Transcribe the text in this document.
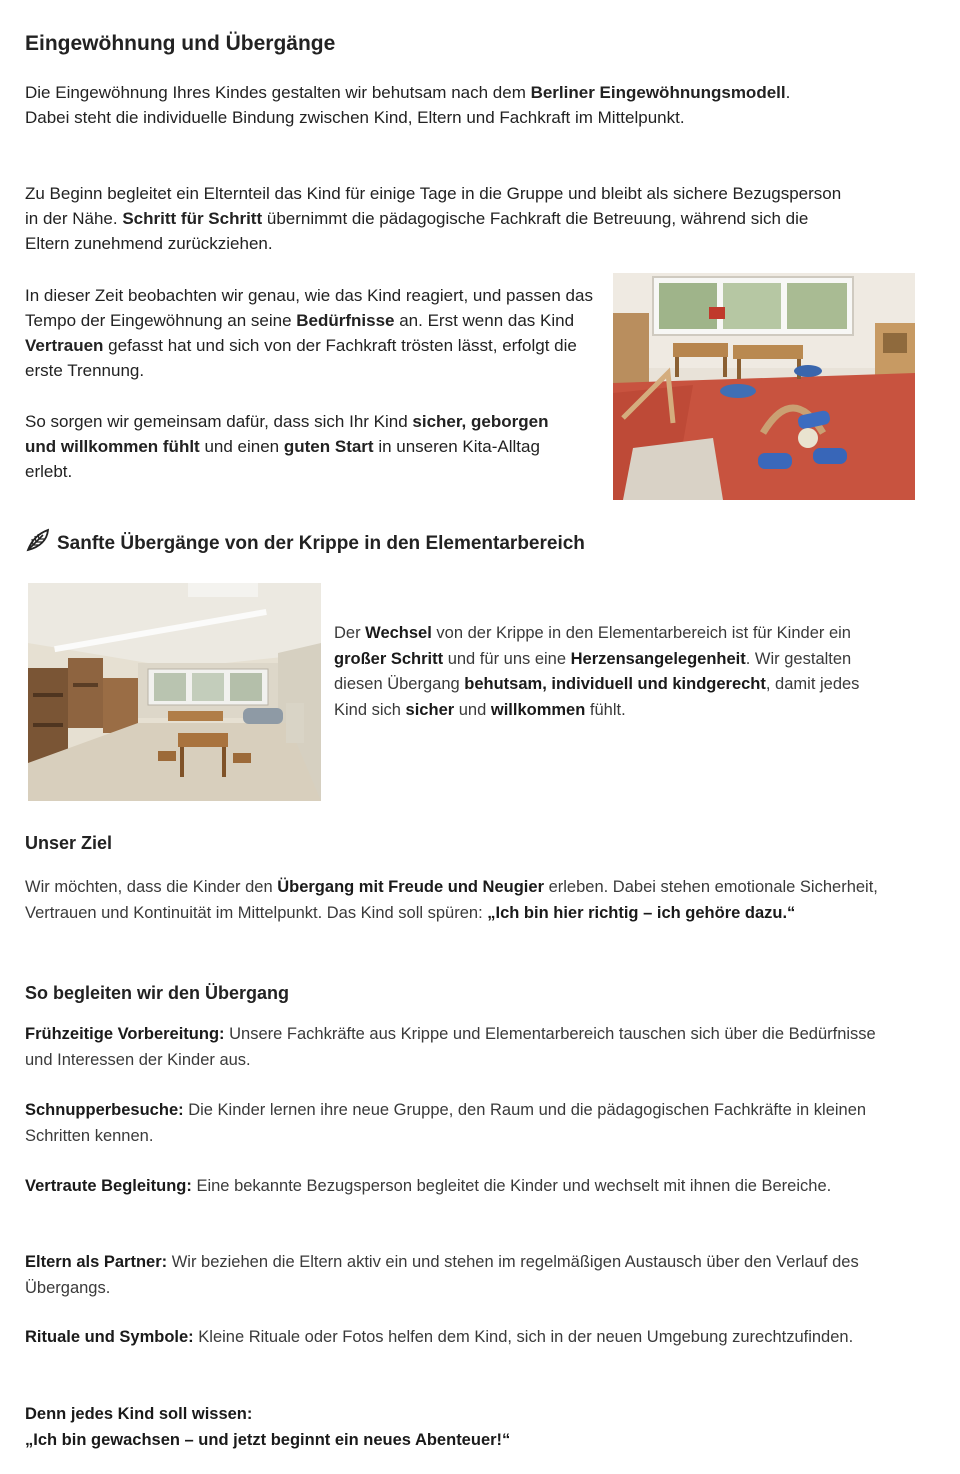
Eingewöhnung und Übergänge

Die Eingewöhnung Ihres Kindes gestalten wir behutsam nach dem Berliner Eingewöhnungsmodell. Dabei steht die individuelle Bindung zwischen Kind, Eltern und Fachkraft im Mittelpunkt.

Zu Beginn begleitet ein Elternteil das Kind für einige Tage in die Gruppe und bleibt als sichere Bezugsperson in der Nähe. Schritt für Schritt übernimmt die pädagogische Fachkraft die Betreuung, während sich die Eltern zunehmend zurückziehen.

In dieser Zeit beobachten wir genau, wie das Kind reagiert, und passen das Tempo der Eingewöhnung an seine Bedürfnisse an. Erst wenn das Kind Vertrauen gefasst hat und sich von der Fachkraft trösten lässt, erfolgt die erste Trennung.

So sorgen wir gemeinsam dafür, dass sich Ihr Kind sicher, geborgen und willkommen fühlt und einen guten Start in unseren Kita-Alltag erlebt.

Sanfte Übergänge von der Krippe in den Elementarbereich

Der Wechsel von der Krippe in den Elementarbereich ist für Kinder ein großer Schritt und für uns eine Herzensangelegenheit. Wir gestalten diesen Übergang behutsam, individuell und kindgerecht, damit jedes Kind sich sicher und willkommen fühlt.

Unser Ziel

Wir möchten, dass die Kinder den Übergang mit Freude und Neugier erleben. Dabei stehen emotionale Sicherheit, Vertrauen und Kontinuität im Mittelpunkt. Das Kind soll spüren: „Ich bin hier richtig – ich gehöre dazu.“

So begleiten wir den Übergang

Frühzeitige Vorbereitung: Unsere Fachkräfte aus Krippe und Elementarbereich tauschen sich über die Bedürfnisse und Interessen der Kinder aus.

Schnupperbesuche: Die Kinder lernen ihre neue Gruppe, den Raum und die pädagogischen Fachkräfte in kleinen Schritten kennen.

Vertraute Begleitung: Eine bekannte Bezugsperson begleitet die Kinder und wechselt mit ihnen die Bereiche.

Eltern als Partner: Wir beziehen die Eltern aktiv ein und stehen im regelmäßigen Austausch über den Verlauf des Übergangs.

Rituale und Symbole: Kleine Rituale oder Fotos helfen dem Kind, sich in der neuen Umgebung zurechtzufinden.

Denn jedes Kind soll wissen:
„Ich bin gewachsen – und jetzt beginnt ein neues Abenteuer!“
